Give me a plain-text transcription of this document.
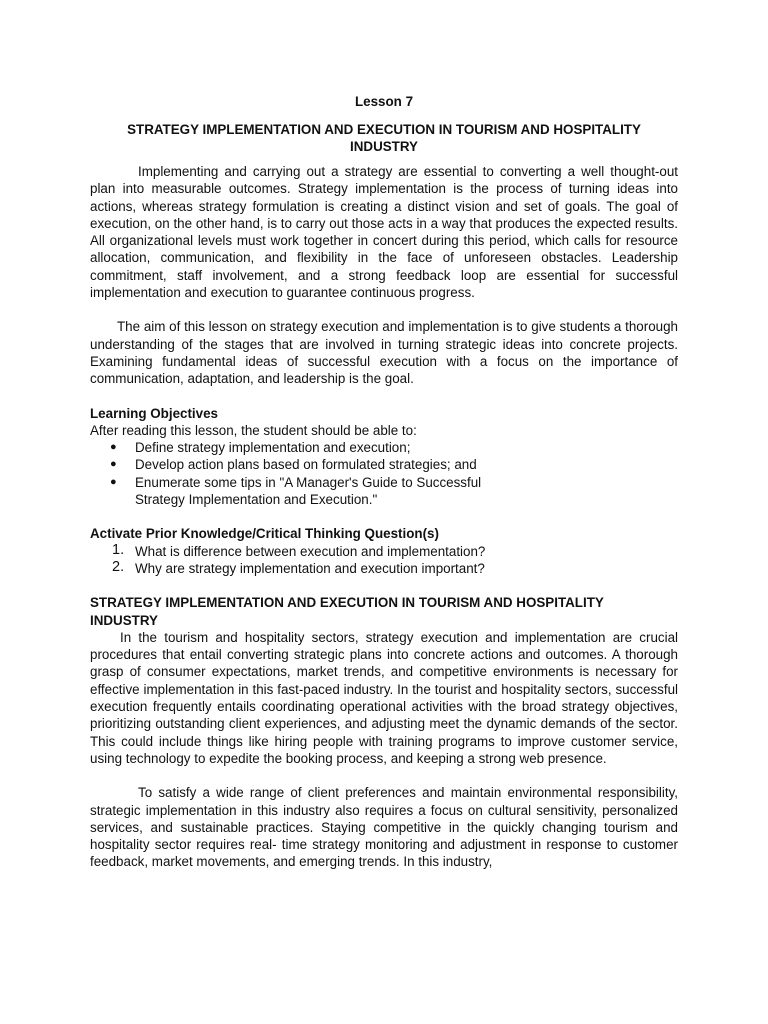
Lesson 7
STRATEGY IMPLEMENTATION AND EXECUTION IN TOURISM AND HOSPITALITY INDUSTRY

Implementing and carrying out a strategy are essential to converting a well thought-out plan into measurable outcomes. Strategy implementation is the process of turning ideas into actions, whereas strategy formulation is creating a distinct vision and set of goals. The goal of execution, on the other hand, is to carry out those acts in a way that produces the expected results. All organizational levels must work together in concert during this period, which calls for resource allocation, communication, and flexibility in the face of unforeseen obstacles. Leadership commitment, staff involvement, and a strong feedback loop are essential for successful implementation and execution to guarantee continuous progress.

The aim of this lesson on strategy execution and implementation is to give students a thorough understanding of the stages that are involved in turning strategic ideas into concrete projects. Examining fundamental ideas of successful execution with a focus on the importance of communication, adaptation, and leadership is the goal.

Learning Objectives
After reading this lesson, the student should be able to:
● Define strategy implementation and execution;
● Develop action plans based on formulated strategies; and
● Enumerate some tips in "A Manager's Guide to Successful
Strategy Implementation and Execution."
Activate Prior Knowledge/Critical Thinking Question(s)
1. What is difference between execution and implementation?
2. Why are strategy implementation and execution important?
STRATEGY IMPLEMENTATION AND EXECUTION IN TOURISM AND HOSPITALITY INDUSTRY

In the tourism and hospitality sectors, strategy execution and implementation are crucial procedures that entail converting strategic plans into concrete actions and outcomes. A thorough grasp of consumer expectations, market trends, and competitive environments is necessary for effective implementation in this fast-paced industry. In the tourist and hospitality sectors, successful execution frequently entails coordinating operational activities with the broad strategy objectives, prioritizing outstanding client experiences, and adjusting meet the dynamic demands of the sector. This could include things like hiring people with training programs to improve customer service, using technology to expedite the booking process, and keeping a strong web presence.

To satisfy a wide range of client preferences and maintain environmental responsibility, strategic implementation in this industry also requires a focus on cultural sensitivity, personalized services, and sustainable practices. Staying competitive in the quickly changing tourism and hospitality sector requires real- time strategy monitoring and adjustment in response to customer feedback, market movements, and emerging trends. In this industry,
